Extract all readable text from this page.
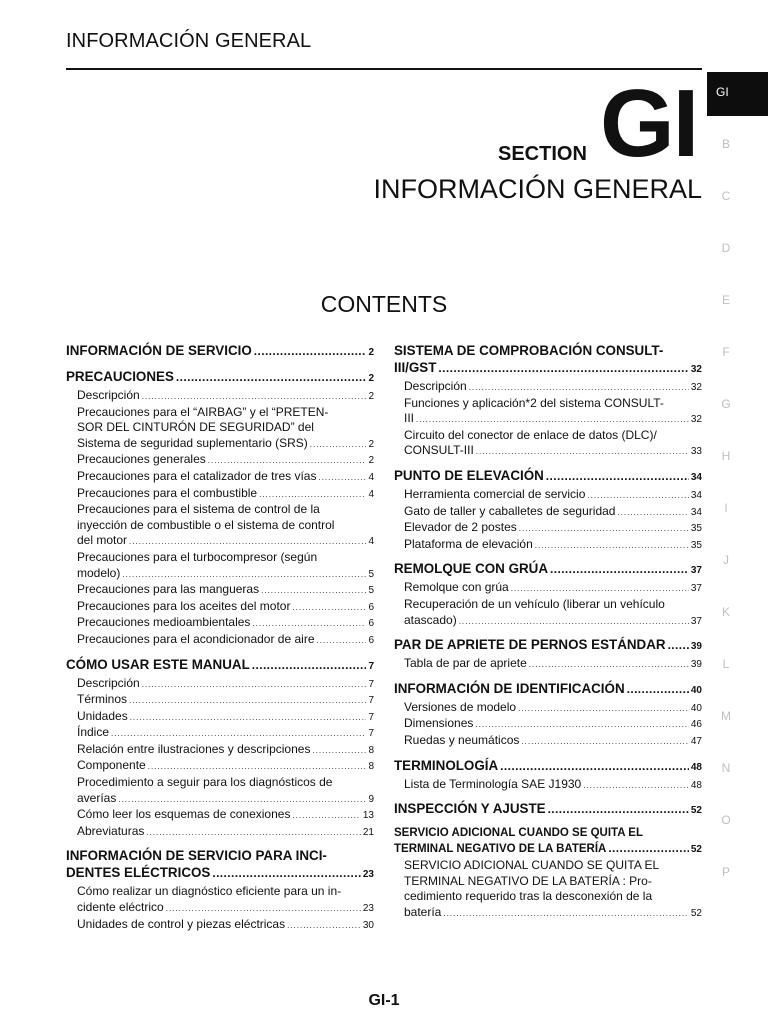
INFORMACIÓN GENERAL
GI
B
C
D
E
F
G
H
I
J
K
L
M
N
O
P
SECTION GI
INFORMACIÓN GENERAL
CONTENTS
INFORMACIÓN DE SERVICIO .....	2
PRECAUCIONES .....	2
Descripción .....	2
Precauciones para el “AIRBAG” y el “PRETEN-
SOR DEL CINTURÓN DE SEGURIDAD” del
Sistema de seguridad suplementario (SRS) .....	2
Precauciones generales .....	2
Precauciones para el catalizador de tres vías .....	4
Precauciones para el combustible .....	4
Precauciones para el sistema de control de la
inyección de combustible o el sistema de control
del motor .....	4
Precauciones para el turbocompresor (según
modelo) .....	5
Precauciones para las mangueras .....	5
Precauciones para los aceites del motor .....	6
Precauciones medioambientales .....	6
Precauciones para el acondicionador de aire .....	6
CÓMO USAR ESTE MANUAL .....	7
Descripción .....	7
Términos .....	7
Unidades .....	7
Índice .....	7
Relación entre ilustraciones y descripciones .....	8
Componente .....	8
Procedimiento a seguir para los diagnósticos de
averías .....	9
Cómo leer los esquemas de conexiones .....	13
Abreviaturas .....	21
INFORMACIÓN DE SERVICIO PARA INCI-
DENTES ELÉCTRICOS .....	23
Cómo realizar un diagnóstico eficiente para un in-
cidente eléctrico .....	23
Unidades de control y piezas eléctricas .....	30
SISTEMA DE COMPROBACIÓN CONSULT-
III/GST .....	32
Descripción .....	32
Funciones y aplicación*2 del sistema CONSULT-
III .....	32
Circuito del conector de enlace de datos (DLC)/
CONSULT-III .....	33
PUNTO DE ELEVACIÓN .....	34
Herramienta comercial de servicio .....	34
Gato de taller y caballetes de seguridad .....	34
Elevador de 2 postes .....	35
Plataforma de elevación .....	35
REMOLQUE CON GRÚA .....	37
Remolque con grúa .....	37
Recuperación de un vehículo (liberar un vehículo
atascado) .....	37
PAR DE APRIETE DE PERNOS ESTÁNDAR .....	39
Tabla de par de apriete .....	39
INFORMACIÓN DE IDENTIFICACIÓN .....	40
Versiones de modelo .....	40
Dimensiones .....	46
Ruedas y neumáticos .....	47
TERMINOLOGÍA .....	48
Lista de Terminología SAE J1930 .....	48
INSPECCIÓN Y AJUSTE .....	52
SERVICIO ADICIONAL CUANDO SE QUITA EL
TERMINAL NEGATIVO DE LA BATERÍA .....	52
SERVICIO ADICIONAL CUANDO SE QUITA EL
TERMINAL NEGATIVO DE LA BATERÍA : Pro-
cedimiento requerido tras la desconexión de la
batería .....	52
GI-1
